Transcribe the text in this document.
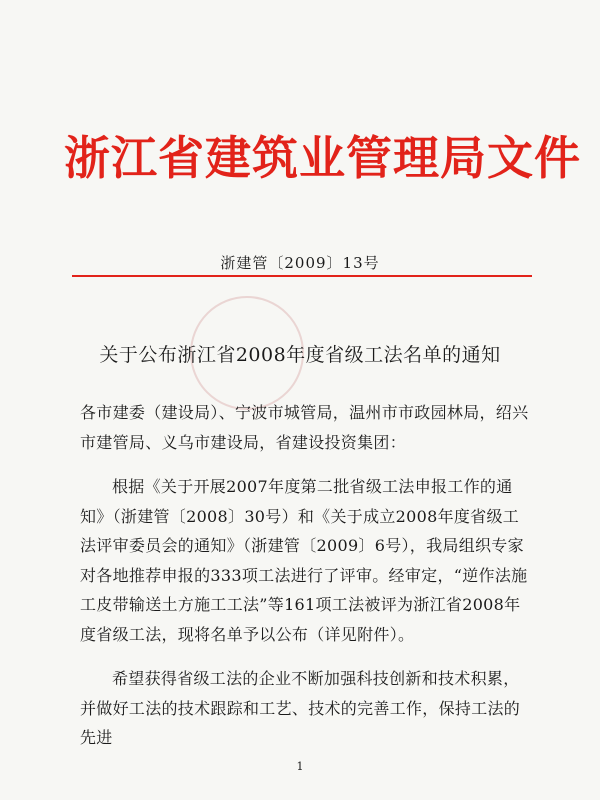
浙江省建筑业管理局文件
浙建管〔2009〕13号
关于公布浙江省2008年度省级工法名单的通知

各市建委（建设局）、宁波市城管局，温州市市政园林局，绍兴市建管局、义乌市建设局，省建设投资集团：

根据《关于开展2007年度第二批省级工法申报工作的通知》（浙建管〔2008〕30号）和《关于成立2008年度省级工法评审委员会的通知》（浙建管〔2009〕6号），我局组织专家对各地推荐申报的333项工法进行了评审。经审定，“逆作法施工皮带输送土方施工工法”等161项工法被评为浙江省2008年度省级工法，现将名单予以公布（详见附件）。

希望获得省级工法的企业不断加强科技创新和技术积累，并做好工法的技术跟踪和工艺、技术的完善工作，保持工法的先进

1
